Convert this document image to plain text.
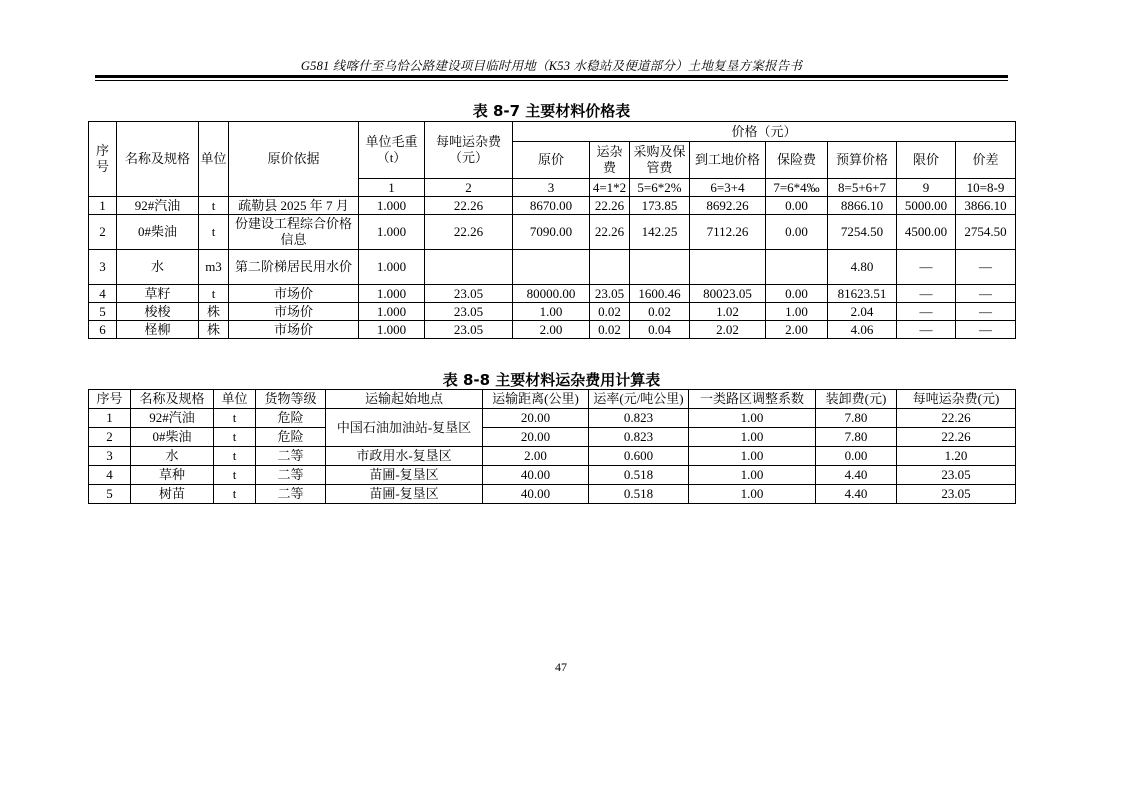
G581 线喀什至乌恰公路建设项目临时用地（K53 水稳站及便道部分）土地复垦方案报告书
表 8-7 主要材料价格表
序号	名称及规格	单位	原价依据	单位毛重（t）	每吨运杂费（元）	价格（元）							
						原价	运杂费	采购及保管费	到工地价格	保险费	预算价格	限价	价差
				1	2	3	4=1*2	5=6*2%	6=3+4	7=6*4‰	8=5+6+7	9	10=8-9
1	92#汽油	t	疏勒县 2025 年 7 月	1.000	22.26	8670.00	22.26	173.85	8692.26	0.00	8866.10	5000.00	3866.10
2	0#柴油	t	份建设工程综合价格信息	1.000	22.26	7090.00	22.26	142.25	7112.26	0.00	7254.50	4500.00	2754.50
3	水	m3	第二阶梯居民用水价	1.000							4.80	—	—
4	草籽	t	市场价	1.000	23.05	80000.00	23.05	1600.46	80023.05	0.00	81623.51	—	—
5	梭梭	株	市场价	1.000	23.05	1.00	0.02	0.02	1.02	1.00	2.04	—	—
6	柽柳	株	市场价	1.000	23.05	2.00	0.02	0.04	2.02	2.00	4.06	—	—
表 8-8 主要材料运杂费用计算表
序号	名称及规格	单位	货物等级	运输起始地点	运输距离(公里)	运率(元/吨公里)	一类路区调整系数	装卸费(元)	每吨运杂费(元)
1	92#汽油	t	危险	中国石油加油站-复垦区	20.00	0.823	1.00	7.80	22.26
2	0#柴油	t	危险		20.00	0.823	1.00	7.80	22.26
3	水	t	二等	市政用水-复垦区	2.00	0.600	1.00	0.00	1.20
4	草种	t	二等	苗圃-复垦区	40.00	0.518	1.00	4.40	23.05
5	树苗	t	二等	苗圃-复垦区	40.00	0.518	1.00	4.40	23.05
47
